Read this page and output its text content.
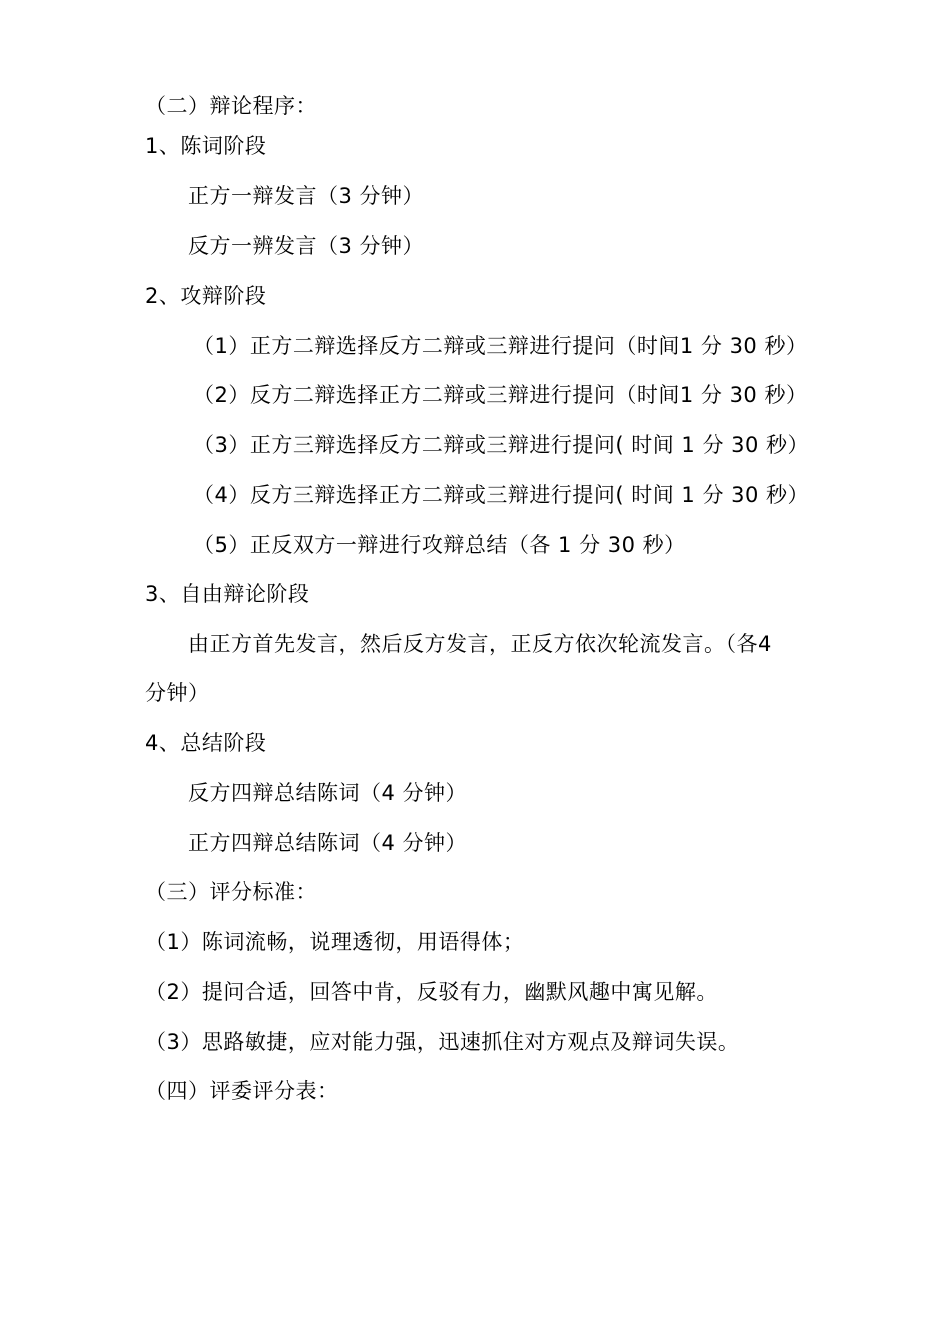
（二）辩论程序：
1、陈词阶段
正方一辩发言（3 分钟）
反方一辨发言（3 分钟）
2、攻辩阶段
（1）正方二辩选择反方二辩或三辩进行提问（时间1 分 30 秒）
（2）反方二辩选择正方二辩或三辩进行提问（时间1 分 30 秒）
（3）正方三辩选择反方二辩或三辩进行提问( 时间 1 分 30 秒）
（4）反方三辩选择正方二辩或三辩进行提问( 时间 1 分 30 秒）
（5）正反双方一辩进行攻辩总结（各 1 分 30 秒）
3、自由辩论阶段
由正方首先发言，然后反方发言，正反方依次轮流发言。（各4
分钟）
4、总结阶段
反方四辩总结陈词（4 分钟）
正方四辩总结陈词（4 分钟）
（三）评分标准：
（1）陈词流畅，说理透彻，用语得体；
（2）提问合适，回答中肯，反驳有力，幽默风趣中寓见解。
（3）思路敏捷，应对能力强，迅速抓住对方观点及辩词失误。
（四）评委评分表：
